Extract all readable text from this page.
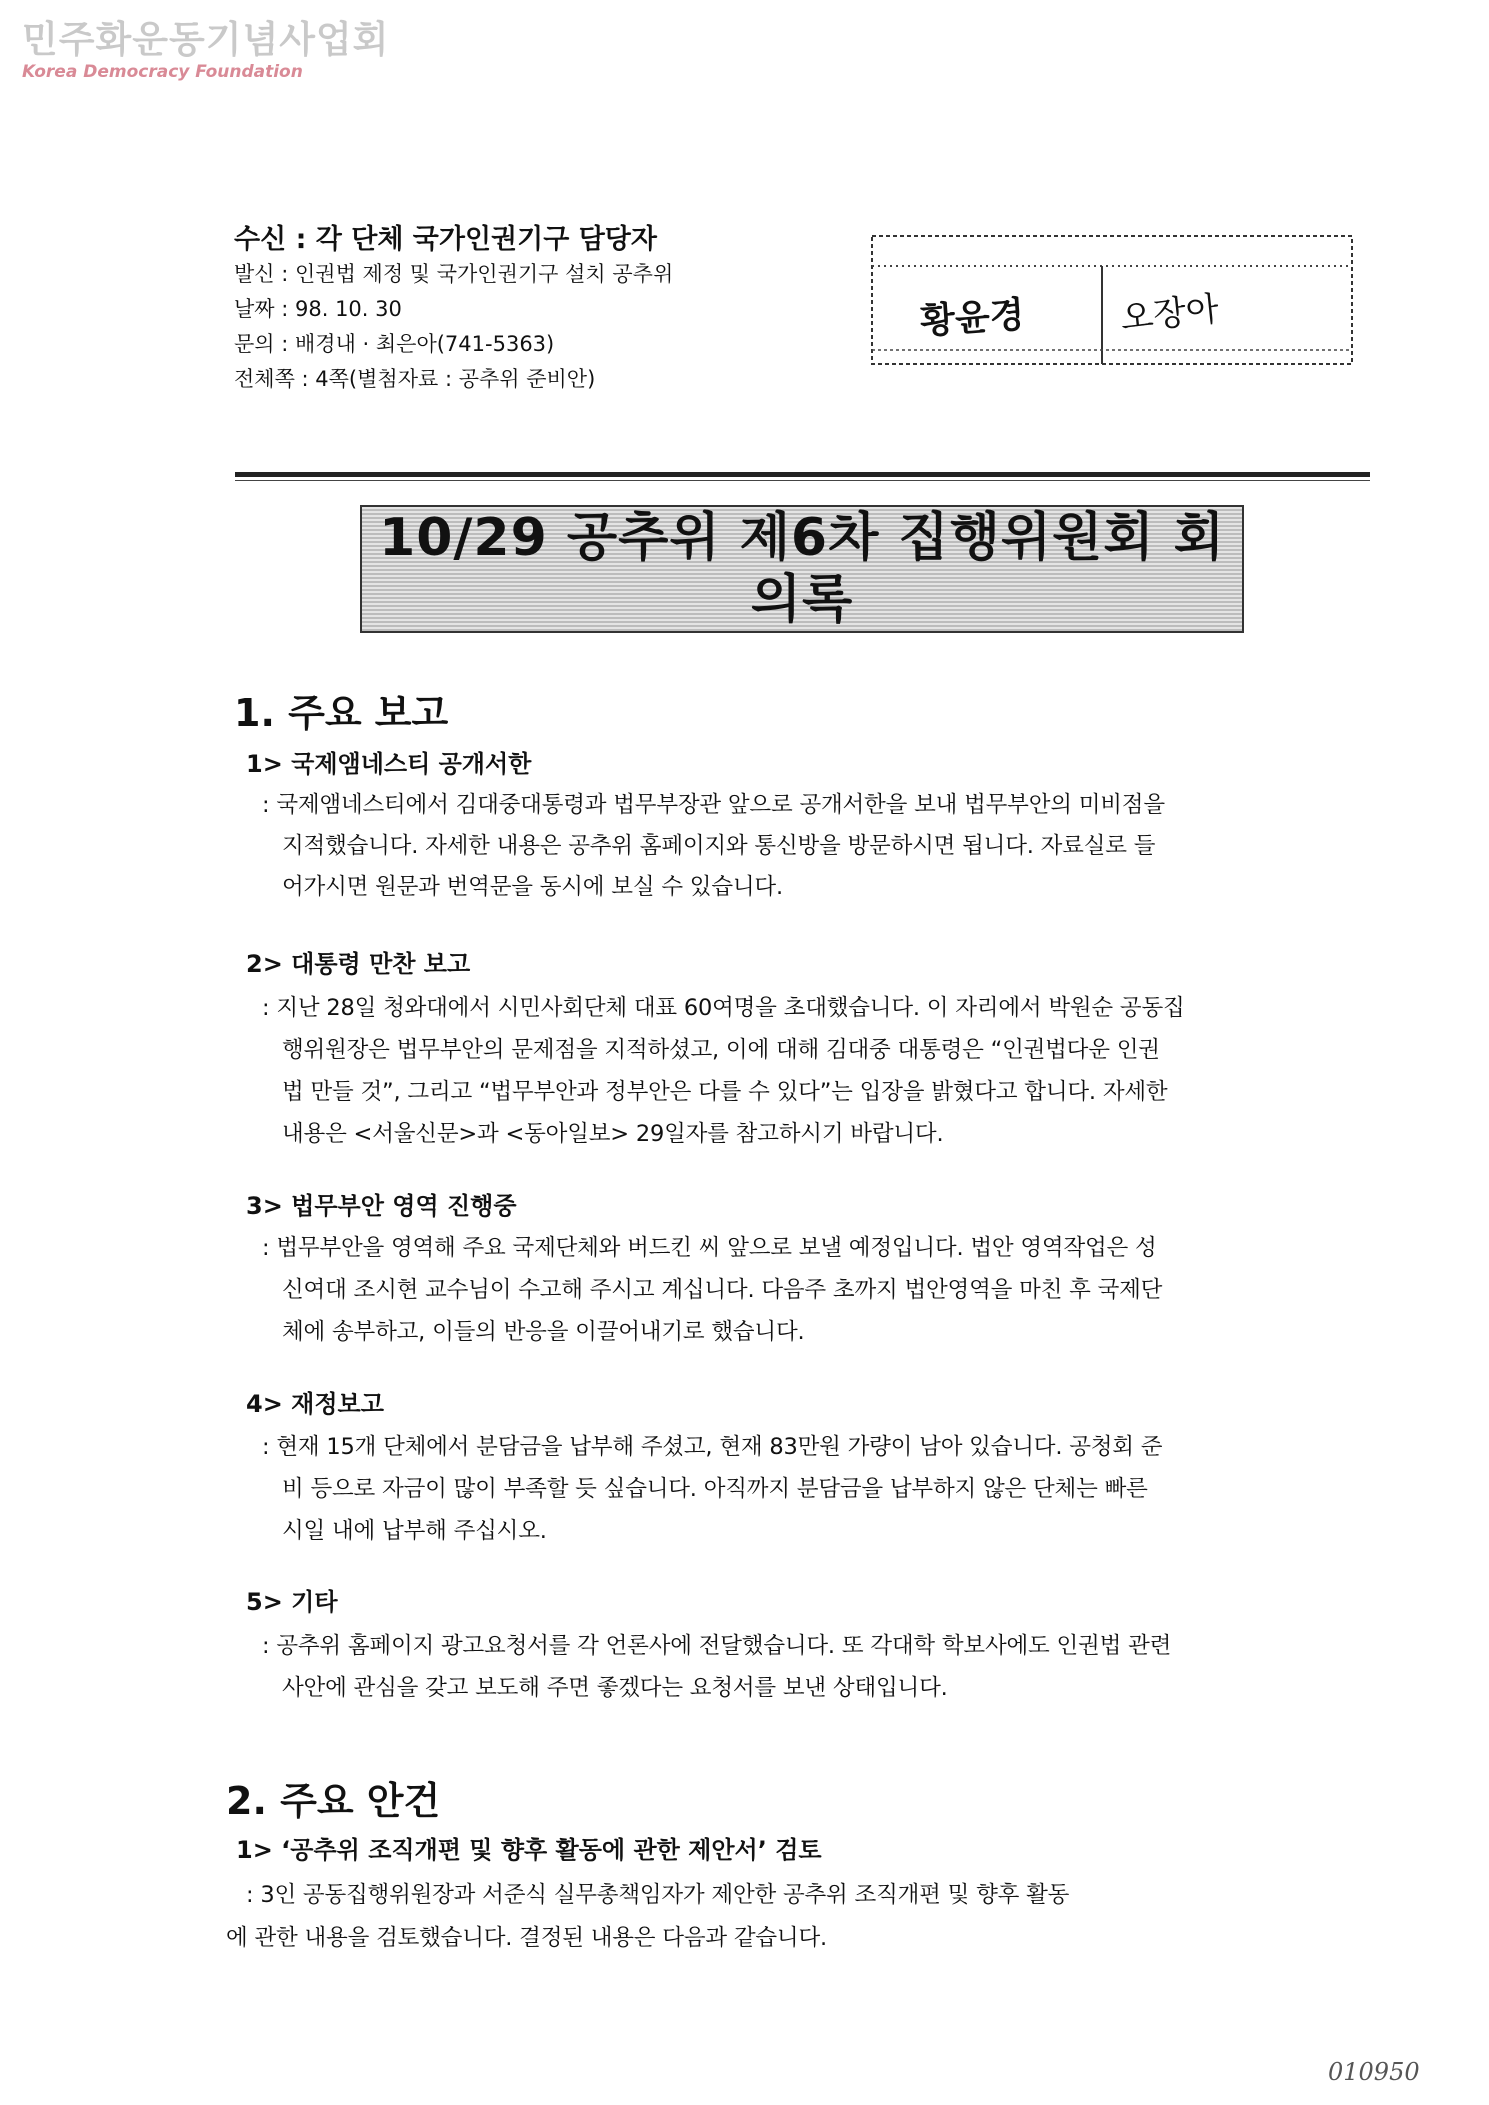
민주화운동기념사업회
Korea Democracy Foundation
수신 : 각 단체 국가인권기구 담당자
발신 : 인권법 제정 및 국가인권기구 설치 공추위
날짜 : 98. 10. 30
문의 : 배경내 · 최은아(741-5363)
전체쪽 : 4쪽(별첨자료 : 공추위 준비안)
황윤경	오장아
10/29 공추위 제6차 집행위원회 회의록
1. 주요 보고
1> 국제앰네스티 공개서한
: 국제앰네스티에서 김대중대통령과 법무부장관 앞으로 공개서한을 보내 법무부안의 미비점을
지적했습니다. 자세한 내용은 공추위 홈페이지와 통신방을 방문하시면 됩니다. 자료실로 들
어가시면 원문과 번역문을 동시에 보실 수 있습니다.
2> 대통령 만찬 보고
: 지난 28일 청와대에서 시민사회단체 대표 60여명을 초대했습니다. 이 자리에서 박원순 공동집
행위원장은 법무부안의 문제점을 지적하셨고, 이에 대해 김대중 대통령은 “인권법다운 인권
법 만들 것”, 그리고 “법무부안과 정부안은 다를 수 있다”는 입장을 밝혔다고 합니다. 자세한
내용은 <서울신문>과 <동아일보> 29일자를 참고하시기 바랍니다.
3> 법무부안 영역 진행중
: 법무부안을 영역해 주요 국제단체와 버드킨 씨 앞으로 보낼 예정입니다. 법안 영역작업은 성
신여대 조시현 교수님이 수고해 주시고 계십니다. 다음주 초까지 법안영역을 마친 후 국제단
체에 송부하고, 이들의 반응을 이끌어내기로 했습니다.
4> 재정보고
: 현재 15개 단체에서 분담금을 납부해 주셨고, 현재 83만원 가량이 남아 있습니다. 공청회 준
비 등으로 자금이 많이 부족할 듯 싶습니다. 아직까지 분담금을 납부하지 않은 단체는 빠른
시일 내에 납부해 주십시오.
5> 기타
: 공추위 홈페이지 광고요청서를 각 언론사에 전달했습니다. 또 각대학 학보사에도 인권법 관련
사안에 관심을 갖고 보도해 주면 좋겠다는 요청서를 보낸 상태입니다.
2. 주요 안건
1> ‘공추위 조직개편 및 향후 활동에 관한 제안서’ 검토
: 3인 공동집행위원장과 서준식 실무총책임자가 제안한 공추위 조직개편 및 향후 활동
에 관한 내용을 검토했습니다. 결정된 내용은 다음과 같습니다.
010950
